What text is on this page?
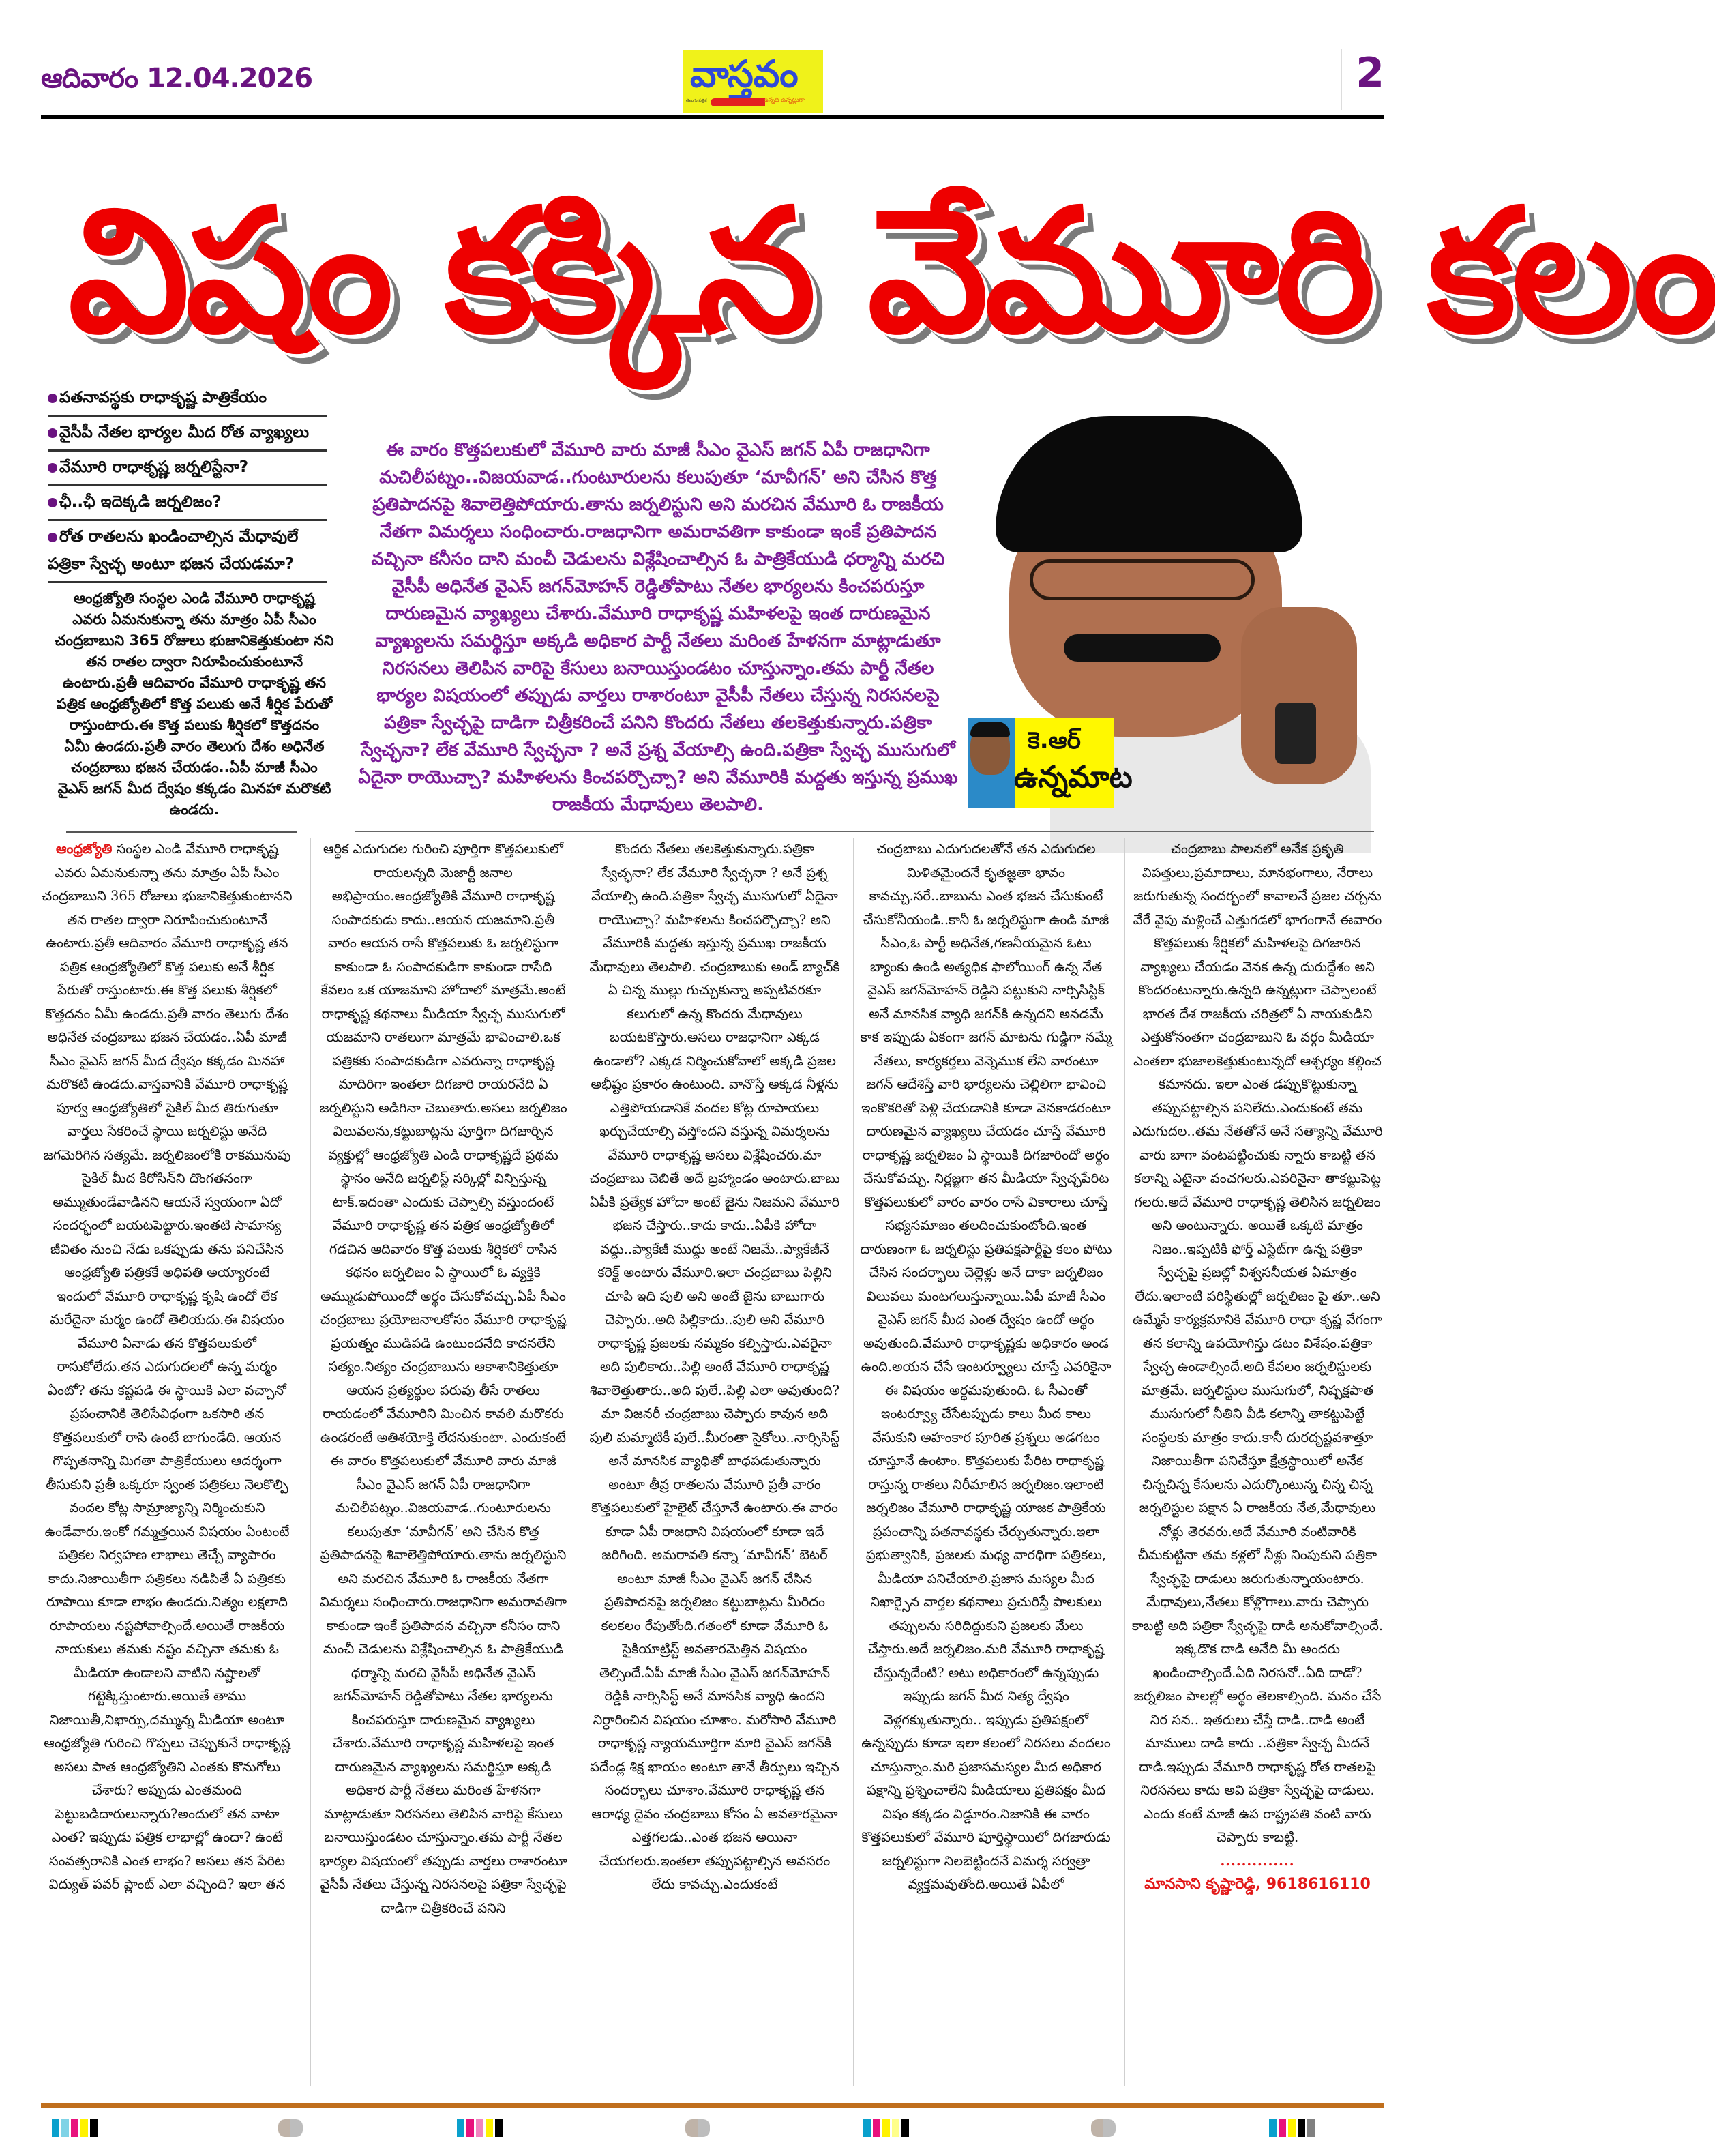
ఆదివారం 12.04.2026	వాస్తవం
తెలుగు పత్రిక	ఉన్నది ఉన్నట్లుగా
2
విషం కక్కిన వేమూరి కలం
పతనావస్థకు రాధాకృష్ణ పాత్రికేయం
వైసీపీ నేతల భార్యల మీద రోత వ్యాఖ్యలు
వేమూరి రాధాకృష్ణ జర్నలిస్టేనా?
ఛీ..ఛీ ఇదెక్కడి జర్నలిజం?
రోత రాతలను ఖండించాల్సిన మేధావులే
పత్రికా స్వేచ్ఛ అంటూ భజన చేయడమా?
ఆంధ్రజ్యోతి సంస్థల ఎండి వేమూరి రాధాకృష్ణ ఎవరు ఏమనుకున్నా తను మాత్రం ఏపీ సీఎం చంద్రబాబుని 365 రోజులు భుజానికెత్తుకుంటా నని తన రాతల ద్వారా నిరూపించుకుంటూనే ఉంటారు.ప్రతీ ఆదివారం వేమూరి రాధాకృష్ణ తన పత్రిక ఆంధ్రజ్యోతిలో కొత్త పలుకు అనే శీర్షిక పేరుతో రాస్తుంటారు.ఈ కొత్త పలుకు శీర్షికలో కొత్తదనం ఏమీ ఉండదు.ప్రతీ వారం తెలుగు దేశం అధినేత చంద్రబాబు భజన చేయడం..ఏపీ మాజీ సీఎం వైఎస్ జగన్ మీద ద్వేషం కక్కడం మినహా మరొకటి ఉండదు.
ఈ వారం కొత్తపలుకులో వేమూరి వారు మాజీ సీఎం వైఎస్ జగన్ ఏపీ రాజధానిగా మచిలీపట్నం..విజయవాడ..గుంటూరులను కలుపుతూ ‘మావీగన్’ అని చేసిన కొత్త ప్రతిపాదనపై శివాలెత్తిపోయారు.తాను జర్నలిస్టుని అని మరచిన వేమూరి ఓ రాజకీయ నేతగా విమర్శలు సంధించారు.రాజధానిగా అమరావతిగా కాకుండా ఇంకే ప్రతిపాదన వచ్చినా కనీసం దాని మంచీ చెడులను విశ్లేషించాల్సిన ఓ పాత్రికేయుడి ధర్మాన్ని మరచి వైసీపీ అధినేత వైఎస్ జగన్‌మోహన్ రెడ్డితోపాటు నేతల భార్యలను కించపరుస్తూ దారుణమైన వ్యాఖ్యలు చేశారు.వేమూరి రాధాకృష్ణ మహిళలపై ఇంత దారుణమైన వ్యాఖ్యలను సమర్థిస్తూ అక్కడి అధికార పార్టీ నేతలు మరింత హేళనగా మాట్లాడుతూ నిరసనలు తెలిపిన వారిపై కేసులు బనాయిస్తుండటం చూస్తున్నాం.తమ పార్టీ నేతల భార్యల విషయంలో తప్పుడు వార్తలు రాశారంటూ వైసీపీ నేతలు చేస్తున్న నిరసనలపై పత్రికా స్వేచ్ఛపై దాడిగా చిత్రీకరించే పనిని కొందరు నేతలు తలకెత్తుకున్నారు.పత్రికా స్వేచ్ఛనా? లేక వేమూరి స్వేచ్ఛనా ? అనే ప్రశ్న వేయాల్సి ఉంది.పత్రికా స్వేచ్ఛ ముసుగులో ఏదైనా రాయొచ్చా? మహిళలను కించపర్చొచ్చా? అని వేమూరికి మద్దతు ఇస్తున్న ప్రముఖ రాజకీయ మేధావులు తెలపాలి.
కె.ఆర్
ఉన్నమాట

ఆంధ్రజ్యోతి సంస్థల ఎండి వేమూరి రాధాకృష్ణ ఎవరు ఏమనుకున్నా తను మాత్రం ఏపీ సీఎం చంద్రబాబుని 365 రోజులు భుజానికెత్తుకుంటానని తన రాతల ద్వారా నిరూపించుకుంటూనే ఉంటారు.ప్రతీ ఆదివారం వేమూరి రాధాకృష్ణ తన పత్రిక ఆంధ్రజ్యోతిలో కొత్త పలుకు అనే శీర్షిక పేరుతో రాస్తుంటారు.ఈ కొత్త పలుకు శీర్షికలో కొత్తదనం ఏమీ ఉండదు.ప్రతీ వారం తెలుగు దేశం అధినేత చంద్రబాబు భజన చేయడం..ఏపీ మాజీ సీఎం వైఎస్ జగన్ మీద ద్వేషం కక్కడం మినహా మరొకటి ఉండదు.వాస్తవానికి వేమూరి రాధాకృష్ణ పూర్వ ఆంధ్రజ్యోతిలో సైకిల్ మీద తిరుగుతూ వార్తలు సేకరించే స్థాయి జర్నలిస్టు అనేది జగమెరిగిన సత్యమే. జర్నలిజంలోకి రాకమునుపు సైకిల్ మీద కిరోసిన్‌ని దొంగతనంగా అమ్ముతుండేవాడినని ఆయనే స్వయంగా ఏదో సందర్భంలో బయటపెట్టారు.ఇంతటి సామాన్య జీవితం నుంచి నేడు ఒకప్పుడు తను పనిచేసిన ఆంధ్రజ్యోతి పత్రికకే అధిపతి అయ్యారంటే ఇందులో వేమూరి రాధాకృష్ణ కృషి ఉందో లేక మరేదైనా మర్మం ఉందో తెలియదు.ఈ విషయం వేమూరి ఏనాడు తన కొత్తపలుకులో రాసుకోలేదు.తన ఎదుగుదలలో ఉన్న మర్మం ఏంటో? తను కష్టపడి ఈ స్థాయికి ఎలా వచ్చానో ప్రపంచానికి తెలిసేవిధంగా ఒకసారి తన కొత్తపలుకులో రాసి ఉంటే బాగుండేది. ఆయన గొప్పతనాన్ని మిగతా పాత్రికేయులు ఆదర్శంగా తీసుకుని ప్రతీ ఒక్కరూ స్వంత పత్రికలు నెలకొల్పి వందల కోట్ల సామ్రాజ్యాన్ని నిర్మించుకుని ఉండేవారు.ఇంకో గమ్మత్తయిన విషయం ఏంటంటే పత్రికల నిర్వహణ లాభాలు తెచ్చే వ్యాపారం కాదు.నిజాయితీగా పత్రికలు నడిపితే ఏ పత్రికకు రూపాయి కూడా లాభం ఉండదు.నిత్యం లక్షలాది రూపాయలు నష్టపోవాల్సిందే.అయితే రాజకీయ నాయకులు తమకు నష్టం వచ్చినా తమకు ఓ మీడియా ఉండాలని వాటిని నష్టాలతో గట్టెక్కిస్తుంటారు.అయితే తాము నిజాయితీ,నిఖార్సు,దమ్మున్న మీడియా అంటూ ఆంధ్రజ్యోతి గురించి గొప్పలు చెప్పుకునే రాధాకృష్ణ అసలు పాత ఆంధ్రజ్యోతిని ఎంతకు కొనుగోలు చేశారు? అప్పుడు ఎంతమంది పెట్టుబడిదారులున్నారు?అందులో తన వాటా ఎంత? ఇప్పుడు పత్రిక లాభాల్లో ఉందా? ఉంటే సంవత్సరానికి ఎంత లాభం? అసలు తన పేరిట విద్యుత్ పవర్ ప్లాంట్ ఎలా వచ్చింది? ఇలా తన

ఆర్థిక ఎదుగుదల గురించి పూర్తిగా కొత్తపలుకులో రాయలన్నది మెజార్టీ జనాల అభిప్రాయం.ఆంధ్రజ్యోతికి వేమూరి రాధాకృష్ణ సంపాదకుడు కాదు..ఆయన యజమాని.ప్రతీ వారం ఆయన రాసే కొత్తపలుకు ఓ జర్నలిస్టుగా కాకుండా ఓ సంపాదకుడిగా కాకుండా రాసేది కేవలం ఒక యాజమాని హోదాలో మాత్రమే.అంటే రాధాకృష్ణ కథనాలు మీడియా స్వేచ్ఛ ముసుగులో యజమాని రాతలుగా మాత్రమే భావించాలి.ఒక పత్రికకు సంపాదకుడిగా ఎవరున్నా రాధాకృష్ణ మాదిరిగా ఇంతలా దిగజారి రాయరనేది ఏ జర్నలిస్టుని అడిగినా చెబుతారు.అసలు జర్నలిజం విలువలను,కట్టుబాట్లను పూర్తిగా దిగజార్చిన వ్యక్తుల్లో ఆంధ్రజ్యోతి ఎండి రాధాకృష్ణదే ప్రథమ స్థానం అనేది జర్నలిస్ట్ సర్కిల్లో విన్పిస్తున్న టాక్.ఇదంతా ఎందుకు చెప్పాల్సి వస్తుందంటే వేమూరి రాధాకృష్ణ తన పత్రిక ఆంధ్రజ్యోతిలో గడచిన ఆదివారం కొత్త పలుకు శీర్షికలో రాసిన కథనం జర్నలిజం ఏ స్థాయిలో ఓ వ్యక్తికి అమ్ముడుపోయిందో అర్థం చేసుకోవచ్చు.ఏపీ సీఎం చంద్రబాబు ప్రయోజనాలకోసం వేమూరి రాధాకృష్ణ ప్రయత్నం ముడిపడి ఉంటుందనేది కాదనలేని సత్యం.నిత్యం చంద్రబాబును ఆకాశానికెత్తుతూ ఆయన ప్రత్యర్థుల పరువు తీసే రాతలు రాయడంలో వేమూరిని మించిన కావలి మరొకరు ఉండరంటే అతిశయోక్తి లేదనుకుంటా. ఎందుకంటే ఈ వారం కొత్తపలుకులో వేమూరి వారు మాజీ సీఎం వైఎస్ జగన్ ఏపీ రాజధానిగా మచిలీపట్నం..విజయవాడ..గుంటూరులను కలుపుతూ ‘మావీగన్’ అని చేసిన కొత్త ప్రతిపాదనపై శివాలెత్తిపోయారు.తాను జర్నలిస్టుని అని మరచిన వేమూరి ఓ రాజకీయ నేతగా విమర్శలు సంధించారు.రాజధానిగా అమరావతిగా కాకుండా ఇంకే ప్రతిపాదన వచ్చినా కనీసం దాని మంచీ చెడులను విశ్లేషించాల్సిన ఓ పాత్రికేయుడి ధర్మాన్ని మరచి వైసీపీ అధినేత వైఎస్ జగన్‌మోహన్ రెడ్డితోపాటు నేతల భార్యలను కించపరుస్తూ దారుణమైన వ్యాఖ్యలు చేశారు.వేమూరి రాధాకృష్ణ మహిళలపై ఇంత దారుణమైన వ్యాఖ్యలను సమర్థిస్తూ అక్కడి అధికార పార్టీ నేతలు మరింత హేళనగా మాట్లాడుతూ నిరసనలు తెలిపిన వారిపై కేసులు బనాయిస్తుండటం చూస్తున్నాం.తమ పార్టీ నేతల భార్యల విషయంలో తప్పుడు వార్తలు రాశారంటూ వైసీపీ నేతలు చేస్తున్న నిరసనలపై పత్రికా స్వేచ్ఛపై దాడిగా చిత్రీకరించే పనిని

కొందరు నేతలు తలకెత్తుకున్నారు.పత్రికా స్వేచ్ఛనా? లేక వేమూరి స్వేచ్ఛనా ? అనే ప్రశ్న వేయాల్సి ఉంది.పత్రికా స్వేచ్ఛ ముసుగులో ఏదైనా రాయొచ్చా? మహిళలను కించపర్చొచ్చా? అని వేమూరికి మద్దతు ఇస్తున్న ప్రముఖ రాజకీయ మేధావులు తెలపాలి. చంద్రబాబుకు అండ్ బ్యాచ్‌కి ఏ చిన్న ముల్లు గుచ్చుకున్నా అప్పటివరకూ కలుగులో ఉన్న కొందరు మేధావులు బయటకొస్తారు.అసలు రాజధానిగా ఎక్కడ ఉండాలో? ఎక్కడ నిర్మించుకోవాలో అక్కడి ప్రజల అభీష్టం ప్రకారం ఉంటుంది. వానొస్తే అక్కడ నీళ్లను ఎత్తిపోయడానికే వందల కోట్ల రూపాయలు ఖర్చుచేయాల్సి వస్తోందని వస్తున్న విమర్శలను వేమూరి రాధాకృష్ణ అసలు విశ్లేషించరు.మా చంద్రబాబు చెబితే అదే బ్రహ్మాండం అంటారు.బాబు ఏపీకి ప్రత్యేక హోదా అంటే జైను నిజమని వేమూరి భజన చేస్తారు..కాదు కాదు..ఏపీకి హోదా వద్దు..ప్యాకేజీ ముద్దు అంటే నిజమే..ప్యాకేజీనే కరెక్ట్ అంటారు వేమూరి.ఇలా చంద్రబాబు పిల్లిని చూపి ఇది పులి అని అంటే జైను బాబుగారు చెప్పారు..అది పిల్లికాదు..పులి అని వేమూరి రాధాకృష్ణ ప్రజలకు నమ్మకం కల్పిస్తారు.ఎవరైనా అది పులికాదు..పిల్లి అంటే వేమూరి రాధాకృష్ణ శివాలెత్తుతారు..అది పులే..పిల్లి ఎలా అవుతుంది? మా విజనరీ చంద్రబాబు చెప్పారు కావున అది పులి మమ్మాటికీ పులే..మీరంతా సైకోలు..నార్సిసిస్ట్ అనే మానసిక వ్యాధితో బాధపడుతున్నారు అంటూ తీవ్ర రాతలను వేమూరి ప్రతీ వారం కొత్తపలుకులో హైలైట్ చేస్తూనే ఉంటారు.ఈ వారం కూడా ఏపీ రాజధాని విషయంలో కూడా ఇదే జరిగింది. అమరావతి కన్నా ‘మావీగన్’ బెటర్ అంటూ మాజీ సీఎం వైఎస్ జగన్ చేసిన ప్రతిపాదనపై జర్నలిజం కట్టుబాట్లను మీరిదం కలకలం రేపుతోంది.గతంలో కూడా వేమూరి ఓ సైకియాట్రిస్ట్ అవతారమెత్తిన విషయం తెల్సిందే.ఏపీ మాజీ సీఎం వైఎస్ జగన్‌మోహన్ రెడ్డికి నార్సిసిస్ట్ అనే మానసిక వ్యాధి ఉందని నిర్ధారించిన విషయం చూశాం. మరోసారి వేమూరి రాధాకృష్ణ న్యాయమూర్తిగా మారి వైఎస్ జగన్‌కి పదేండ్ల శిక్ష ఖాయం అంటూ తానే తీర్పులు ఇచ్చిన సందర్భాలు చూశాం.వేమూరి రాధాకృష్ణ తన ఆరాధ్య దైవం చంద్రబాబు కోసం ఏ అవతారమైనా ఎత్తగలడు..ఎంత భజన అయినా చేయగలరు.ఇంతలా తప్పుపట్టాల్సిన అవసరం లేదు కావచ్చు.ఎందుకంటే

చంద్రబాబు ఎదుగుదలతోనే తన ఎదుగుదల మిళితమైందనే కృతజ్ఞతా భావం కావచ్చు.సరే..బాబును ఎంత భజన చేసుకుంటే చేసుకోనీయండి..కానీ ఓ జర్నలిస్టుగా ఉండి మాజీ సీఎం,ఓ పార్టీ అధినేత,గణనీయమైన ఓటు బ్యాంకు ఉండి అత్యధిక ఫాలోయింగ్ ఉన్న నేత వైఎస్ జగన్‌మోహన్ రెడ్డిని పట్టుకుని నార్సిసిస్టిక్ అనే మానసిక వ్యాధి జగన్‌కి ఉన్నదని అనడమే కాక ఇప్పుడు ఏకంగా జగన్ మాటను గుడ్డిగా నమ్మే నేతలు, కార్యకర్తలు వెన్నెముక లేని వారంటూ జగన్ ఆదేశిస్తే వారి భార్యలను చెల్లిలిగా భావించి ఇంకొకరితో పెళ్లి చేయడానికి కూడా వెనకాడరంటూ దారుణమైన వ్యాఖ్యలు చేయడం చూస్తే వేమూరి రాధాకృష్ణ జర్నలిజం ఏ స్థాయికి దిగజారిందో అర్థం చేసుకోవచ్చు. నిర్లజ్జగా తన మీడియా స్వేచ్ఛపేరిట కొత్తపలుకులో వారం వారం రాసే వికారాలు చూస్తే సభ్యసమాజం తలదించుకుంటోంది.ఇంత దారుణంగా ఓ జర్నలిస్టు ప్రతిపక్షపార్టీపై కలం పోటు చేసిన సందర్భాలు చెల్లెళ్లు అనే దాకా జర్నలిజం విలువలు మంటగలుస్తున్నాయి.ఏపీ మాజీ సీఎం వైఎస్ జగన్ మీద ఎంత ద్వేషం ఉందో అర్థం అవుతుంది.వేమూరి రాధాకృష్ణకు అధికారం అండ ఉంది.అయన చేసే ఇంటర్వ్యూలు చూస్తే ఎవరికైనా ఈ విషయం అర్థమవుతుంది. ఓ సీఎంతో ఇంటర్వ్యూ చేసేటప్పుడు కాలు మీద కాలు వేసుకుని అహంకార పూరిత ప్రశ్నలు అడగటం చూస్తూనే ఉంటాం. కొత్తపలుకు పేరిట రాధాకృష్ణ రాస్తున్న రాతలు నిరీమాలిన జర్నలిజం.ఇలాంటి జర్నలిజం వేమూరి రాధాకృష్ణ యాజక పాత్రికేయ ప్రపంచాన్ని పతనావస్థకు చేర్చుతున్నారు.ఇలా ప్రభుత్వానికి, ప్రజలకు మధ్య వారధిగా పత్రికలు, మీడియా పనిచేయాలి.ప్రజాస మస్యల మీద నిఖార్సైన వార్తల కథనాలు ప్రచురిస్తే పాలకులు తప్పులను సరిదిద్దుకుని ప్రజలకు మేలు చేస్తారు.అదే జర్నలిజం.మరి వేమూరి రాధాకృష్ణ చేస్తున్నదేంటి? అటు అధికారంలో ఉన్నప్పుడు ఇప్పుడు జగన్ మీద నిత్య ద్వేషం వెళ్లగక్కుతున్నారు.. ఇప్పుడు ప్రతిపక్షంలో ఉన్నప్పుడు కూడా ఇలా కలంలో నిరసలు వందలం చూస్తున్నాం.మరి ప్రజాసమస్యల మీద అధికార పక్షాన్ని ప్రశ్నించాలేని మీడియాలు ప్రతిపక్షం మీద విషం కక్కడం విడ్డూరం.నిజానికి ఈ వారం కొత్తపలుకులో వేమూరి పూర్తిస్థాయిలో దిగజారుడు జర్నలిస్టుగా నిలబెట్టిందనే విమర్శ సర్వత్రా వ్యక్తమవుతోంది.అయితే ఏపీలో

చంద్రబాబు పాలనలో అనేక ప్రకృతి విపత్తులు,ప్రమాదాలు, మానభంగాలు, నేరాలు జరుగుతున్న సందర్భంలో కావాలనే ప్రజల చర్చను వేరే వైపు మళ్లించే ఎత్తుగడలో భాగంగానే ఈవారం కొత్తపలుకు శీర్షికలో మహిళలపై దిగజారిన వ్యాఖ్యలు చేయడం వెనక ఉన్న దురుద్దేశం అని కొందరంటున్నారు.ఉన్నది ఉన్నట్లుగా చెప్పాలంటే భారత దేశ రాజకీయ చరిత్రలో ఏ నాయకుడిని ఎత్తుకోనంతగా చంద్రబాబుని ఓ వర్గం మీడియా ఎంతలా భుజాలకెత్తుకుంటున్నదో ఆశ్చర్యం కల్గించ కమానదు. ఇలా ఎంత డప్పుకొట్టుకున్నా తప్పుపట్టాల్సిన పనిలేదు.ఎందుకంటే తమ ఎదుగుదల..తమ నేతతోనే అనే సత్యాన్ని వేమూరి వారు బాగా వంటపట్టించుకు న్నారు కాబట్టి తన కలాన్ని ఎటైనా వంచగలరు.ఎవరినైనా తాకట్టుపెట్ట గలరు.అదే వేమూరి రాధాకృష్ణ తెలిసిన జర్నలిజం అని అంటున్నారు. అయితే ఒక్కటి మాత్రం నిజం..ఇప్పటికి ఫోర్త్ ఎస్టేట్‌గా ఉన్న పత్రికా స్వేచ్ఛపై ప్రజల్లో విశ్వసనీయత ఏమాత్రం లేదు.ఇలాంటి పరిస్థితుల్లో జర్నలిజం పై తూ..అని ఉమ్మేసే కార్యక్రమానికి వేమూరి రాధా కృష్ణ వేగంగా తన కలాన్ని ఉపయోగిస్తు డటం విశేషం.పత్రికా స్వేచ్ఛ ఉండాల్సిందే.అది కేవలం జర్నలిస్టులకు మాత్రమే. జర్నలిస్టుల ముసుగులో, నిష్పక్షపాత ముసుగులో నీతిని వీడి కలాన్ని తాకట్టుపెట్టే సంస్థలకు మాత్రం కాదు.కానీ దురదృష్టవశాత్తూ నిజాయితీగా పనిచేస్తూ క్షేత్రస్థాయిలో అనేక చిన్నచిన్న కేసులను ఎదుర్కొంటున్న చిన్న చిన్న జర్నలిస్టుల పక్షాన ఏ రాజకీయ నేత,మేధావులు నోళ్లు తెరవరు.అదే వేమూరి వంటివారికి చీమకుట్టినా తమ కళ్లలో నీళ్లు నింపుకుని పత్రికా స్వేచ్ఛపై దాడులు జరుగుతున్నాయంటారు. మేధావులు,నేతలు కోళ్లొగాలు.వారు చెప్పారు కాబట్టి అది పత్రికా స్వేచ్ఛపై దాడి అనుకోవాల్సిందే. ఇక్కడొక దాడి అనేది మీ అందరు ఖండించాల్సిందే.ఏది నిరసనో..ఏది దాడో? జర్నలిజం పాలల్లో అర్థం తెలకాల్సింది. మనం చేసే నిర సన.. ఇతరులు చేస్తే దాడి..దాడి అంటే మాములు దాడి కాదు ..పత్రికా స్వేచ్ఛ మీదనే దాడి.ఇప్పుడు వేమూరి రాధాకృష్ణ రోత రాతలపై నిరసనలు కాదు అవి పత్రికా స్వేచ్ఛపై దాడులు. ఎందు కంటే మాజీ ఉప రాష్ట్రపతి వంటి వారు చెప్పారు కాబట్టి.

..............

మానసాని కృష్ణారెడ్డి, 9618616110
